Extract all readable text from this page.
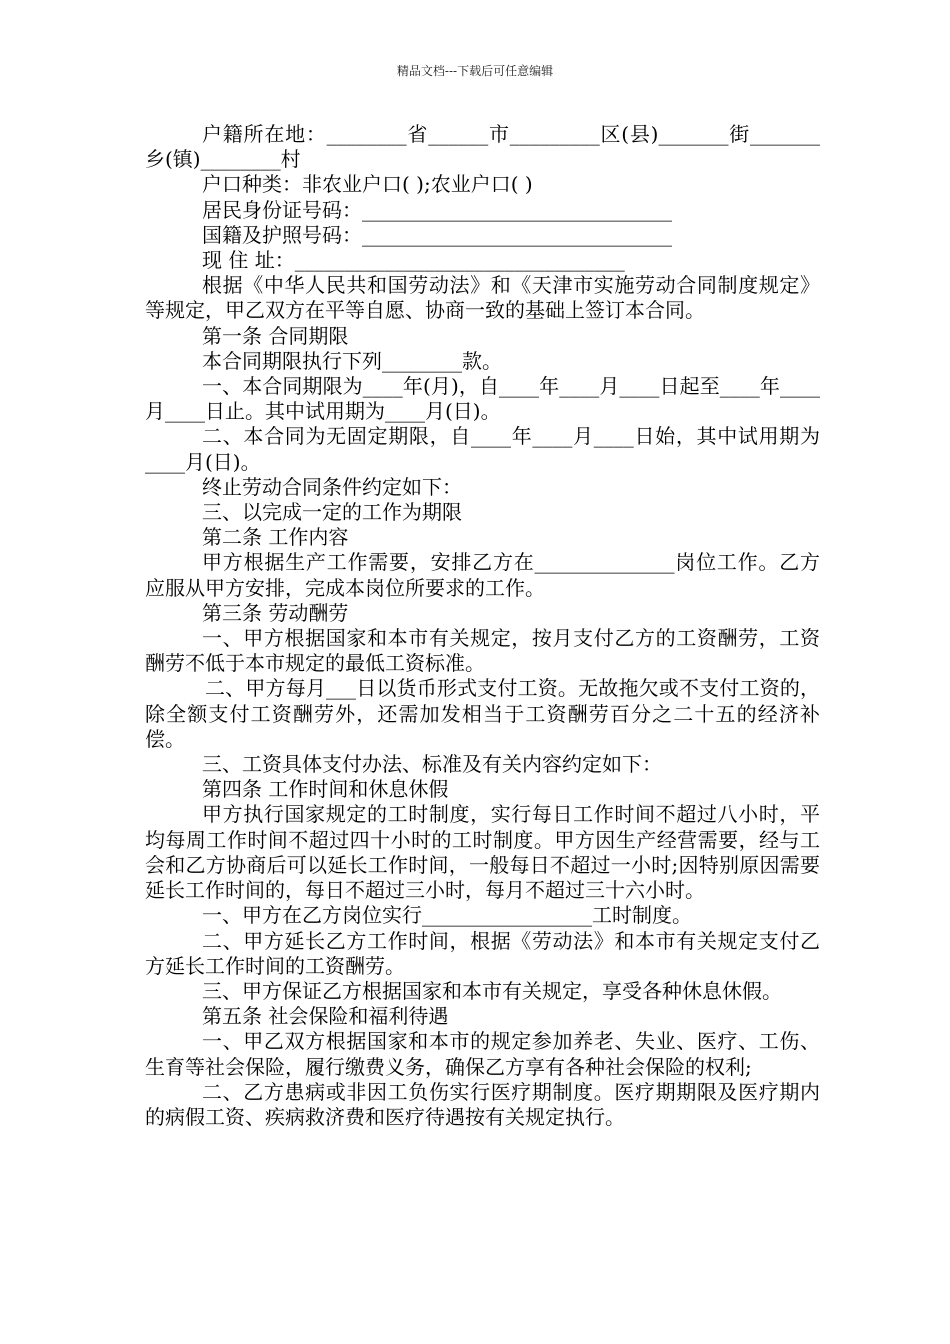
精品文档---下载后可任意编辑

户籍所在地：________省______市_________区(县)_______街_______乡(镇)________村

户口种类：非农业户口( );农业户口( )

居民身份证号码：_______________________________

国籍及护照号码：_______________________________

现 住 址：_________________________________

根据《中华人民共和国劳动法》和《天津市实施劳动合同制度规定》等规定，甲乙双方在平等自愿、协商一致的基础上签订本合同。

第一条 合同期限

本合同期限执行下列________款。

一、本合同期限为____年(月)，自____年____月____日起至____年____月____日止。其中试用期为____月(日)。

二、本合同为无固定期限，自____年____月____日始，其中试用期为____月(日)。

终止劳动合同条件约定如下：

三、以完成一定的工作为期限

第二条 工作内容

甲方根据生产工作需要，安排乙方在______________岗位工作。乙方应服从甲方安排，完成本岗位所要求的工作。

第三条 劳动酬劳

一、甲方根据国家和本市有关规定，按月支付乙方的工资酬劳，工资酬劳不低于本市规定的最低工资标准。

二、甲方每月___日以货币形式支付工资。无故拖欠或不支付工资的，除全额支付工资酬劳外，还需加发相当于工资酬劳百分之二十五的经济补偿。

三、工资具体支付办法、标准及有关内容约定如下：

第四条 工作时间和休息休假

甲方执行国家规定的工时制度，实行每日工作时间不超过八小时，平均每周工作时间不超过四十小时的工时制度。甲方因生产经营需要，经与工会和乙方协商后可以延长工作时间，一般每日不超过一小时;因特别原因需要延长工作时间的，每日不超过三小时，每月不超过三十六小时。

一、甲方在乙方岗位实行_________________工时制度。

二、甲方延长乙方工作时间，根据《劳动法》和本市有关规定支付乙方延长工作时间的工资酬劳。

三、甲方保证乙方根据国家和本市有关规定，享受各种休息休假。

第五条 社会保险和福利待遇

一、甲乙双方根据国家和本市的规定参加养老、失业、医疗、工伤、生育等社会保险，履行缴费义务，确保乙方享有各种社会保险的权利;

二、乙方患病或非因工负伤实行医疗期制度。医疗期期限及医疗期内的病假工资、疾病救济费和医疗待遇按有关规定执行。
